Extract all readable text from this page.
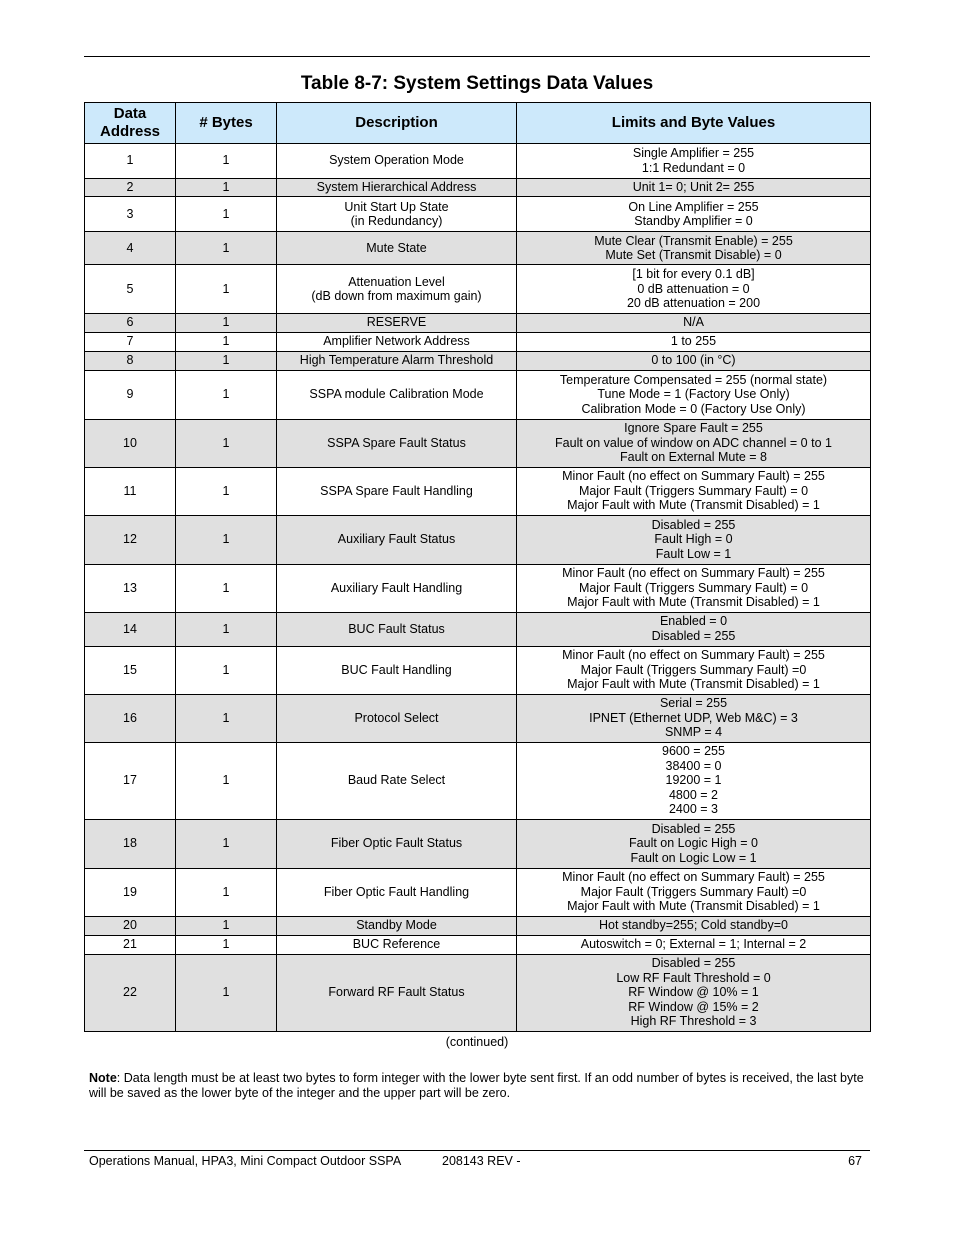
Table 8-7: System Settings Data Values
Data
Address	# Bytes	Description	Limits and Byte Values
1	1	System Operation Mode	Single Amplifier = 255
1:1 Redundant = 0

2	1	System Hierarchical Address	Unit 1= 0; Unit 2= 255

3	1	Unit Start Up State
(in Redundancy)	On Line Amplifier = 255
Standby Amplifier = 0

4	1	Mute State	Mute Clear (Transmit Enable) = 255
Mute Set (Transmit Disable) = 0

5	1	Attenuation Level
(dB down from maximum gain)	[1 bit for every 0.1 dB]
0 dB attenuation = 0
20 dB attenuation = 200

6	1	RESERVE	N/A

7	1	Amplifier Network Address	1 to 255

8	1	High Temperature Alarm Threshold	0 to 100 (in °C)

9	1	SSPA module Calibration Mode	Temperature Compensated = 255 (normal state)
Tune Mode = 1 (Factory Use Only)
Calibration Mode = 0 (Factory Use Only)

10	1	SSPA Spare Fault Status	Ignore Spare Fault = 255
Fault on value of window on ADC channel = 0 to 1
Fault on External Mute = 8

11	1	SSPA Spare Fault Handling	Minor Fault (no effect on Summary Fault) = 255
Major Fault (Triggers Summary Fault) = 0
Major Fault with Mute (Transmit Disabled) = 1

12	1	Auxiliary Fault Status	Disabled = 255
Fault High = 0
Fault Low = 1

13	1	Auxiliary Fault Handling	Minor Fault (no effect on Summary Fault) = 255
Major Fault (Triggers Summary Fault) = 0
Major Fault with Mute (Transmit Disabled) = 1

14	1	BUC Fault Status	Enabled = 0
Disabled = 255

15	1	BUC Fault Handling	Minor Fault (no effect on Summary Fault) = 255
Major Fault (Triggers Summary Fault) =0
Major Fault with Mute (Transmit Disabled) = 1

16	1	Protocol Select	Serial = 255
IPNET (Ethernet UDP, Web M&C) = 3
SNMP = 4

17	1	Baud Rate Select	9600 = 255
38400 = 0
19200 = 1
4800 = 2
2400 = 3

18	1	Fiber Optic Fault Status	Disabled = 255
Fault on Logic High = 0
Fault on Logic Low = 1

19	1	Fiber Optic Fault Handling	Minor Fault (no effect on Summary Fault) = 255
Major Fault (Triggers Summary Fault) =0
Major Fault with Mute (Transmit Disabled) = 1

20	1	Standby Mode	Hot standby=255; Cold standby=0

21	1	BUC Reference	Autoswitch = 0; External = 1; Internal = 2

22	1	Forward RF Fault Status	Disabled = 255
Low RF Fault Threshold = 0
RF Window @ 10% = 1
RF Window @ 15% = 2
High RF Threshold = 3
(continued)
Note: Data length must be at least two bytes to form integer with the lower byte sent first. If an odd number of bytes is received, the last byte will be saved as the lower byte of the integer and the upper part will be zero.
Operations Manual, HPA3, Mini Compact Outdoor SSPA	208143 REV -	67
